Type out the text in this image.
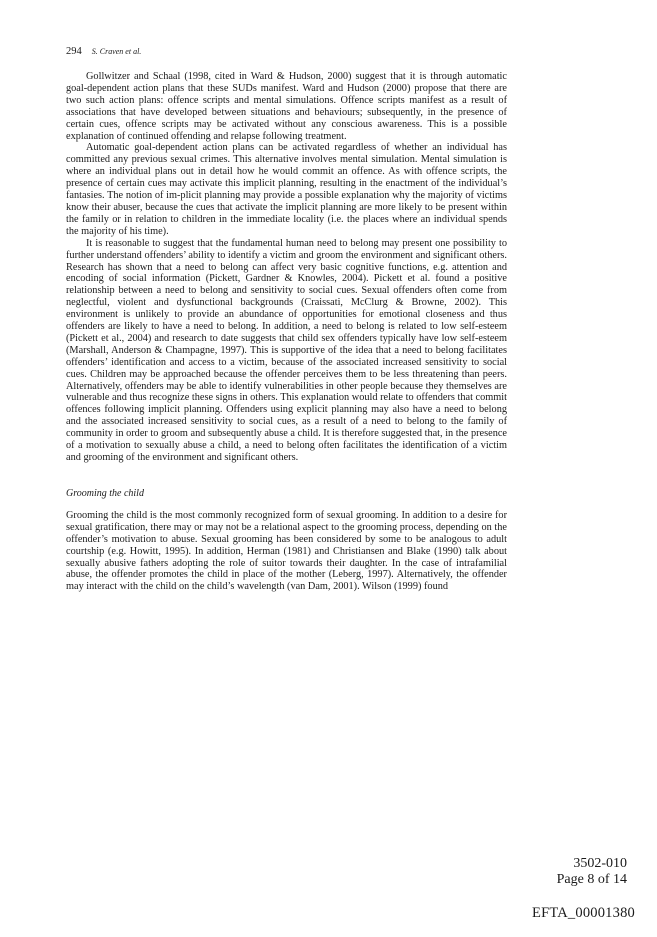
294 S. Craven et al.

Gollwitzer and Schaal (1998, cited in Ward & Hudson, 2000) suggest that it is through automatic goal-dependent action plans that these SUDs manifest. Ward and Hudson (2000) propose that there are two such action plans: offence scripts and mental simulations. Offence scripts manifest as a result of associations that have developed between situations and behaviours; subsequently, in the presence of certain cues, offence scripts may be activated without any conscious awareness. This is a possible explanation of continued offending and relapse following treatment.

Automatic goal-dependent action plans can be activated regardless of whether an individual has committed any previous sexual crimes. This alternative involves mental simulation. Mental simulation is where an individual plans out in detail how he would commit an offence. As with offence scripts, the presence of certain cues may activate this implicit planning, resulting in the enactment of the individual’s fantasies. The notion of im-plicit planning may provide a possible explanation why the majority of victims know their abuser, because the cues that activate the implicit planning are more likely to be present within the family or in relation to children in the immediate locality (i.e. the places where an individual spends the majority of his time).

It is reasonable to suggest that the fundamental human need to belong may present one possibility to further understand offenders’ ability to identify a victim and groom the environment and significant others. Research has shown that a need to belong can affect very basic cognitive functions, e.g. attention and encoding of social information (Pickett, Gardner & Knowles, 2004). Pickett et al. found a positive relationship between a need to belong and sensitivity to social cues. Sexual offenders often come from neglectful, violent and dysfunctional backgrounds (Craissati, McClurg & Browne, 2002). This environment is unlikely to provide an abundance of opportunities for emotional closeness and thus offenders are likely to have a need to belong. In addition, a need to belong is related to low self-esteem (Pickett et al., 2004) and research to date suggests that child sex offenders typically have low self-esteem (Marshall, Anderson & Champagne, 1997). This is supportive of the idea that a need to belong facilitates offenders’ identification and access to a victim, because of the associated increased sensitivity to social cues. Children may be approached because the offender perceives them to be less threatening than peers. Alternatively, offenders may be able to identify vulnerabilities in other people because they themselves are vulnerable and thus recognize these signs in others. This explanation would relate to offenders that commit offences following implicit planning. Offenders using explicit planning may also have a need to belong and the associated increased sensitivity to social cues, as a result of a need to belong to the family of community in order to groom and subsequently abuse a child. It is therefore suggested that, in the presence of a motivation to sexually abuse a child, a need to belong often facilitates the identification of a victim and grooming of the environment and significant others.

Grooming the child

Grooming the child is the most commonly recognized form of sexual grooming. In addition to a desire for sexual gratification, there may or may not be a relational aspect to the grooming process, depending on the offender’s motivation to abuse. Sexual grooming has been considered by some to be analogous to adult courtship (e.g. Howitt, 1995). In addition, Herman (1981) and Christiansen and Blake (1990) talk about sexually abusive fathers adopting the role of suitor towards their daughter. In the case of intrafamilial abuse, the offender promotes the child in place of the mother (Leberg, 1997). Alternatively, the offender may interact with the child on the child’s wavelength (van Dam, 2001). Wilson (1999) found

3502-010
Page 8 of 14
EFTA_00001380
